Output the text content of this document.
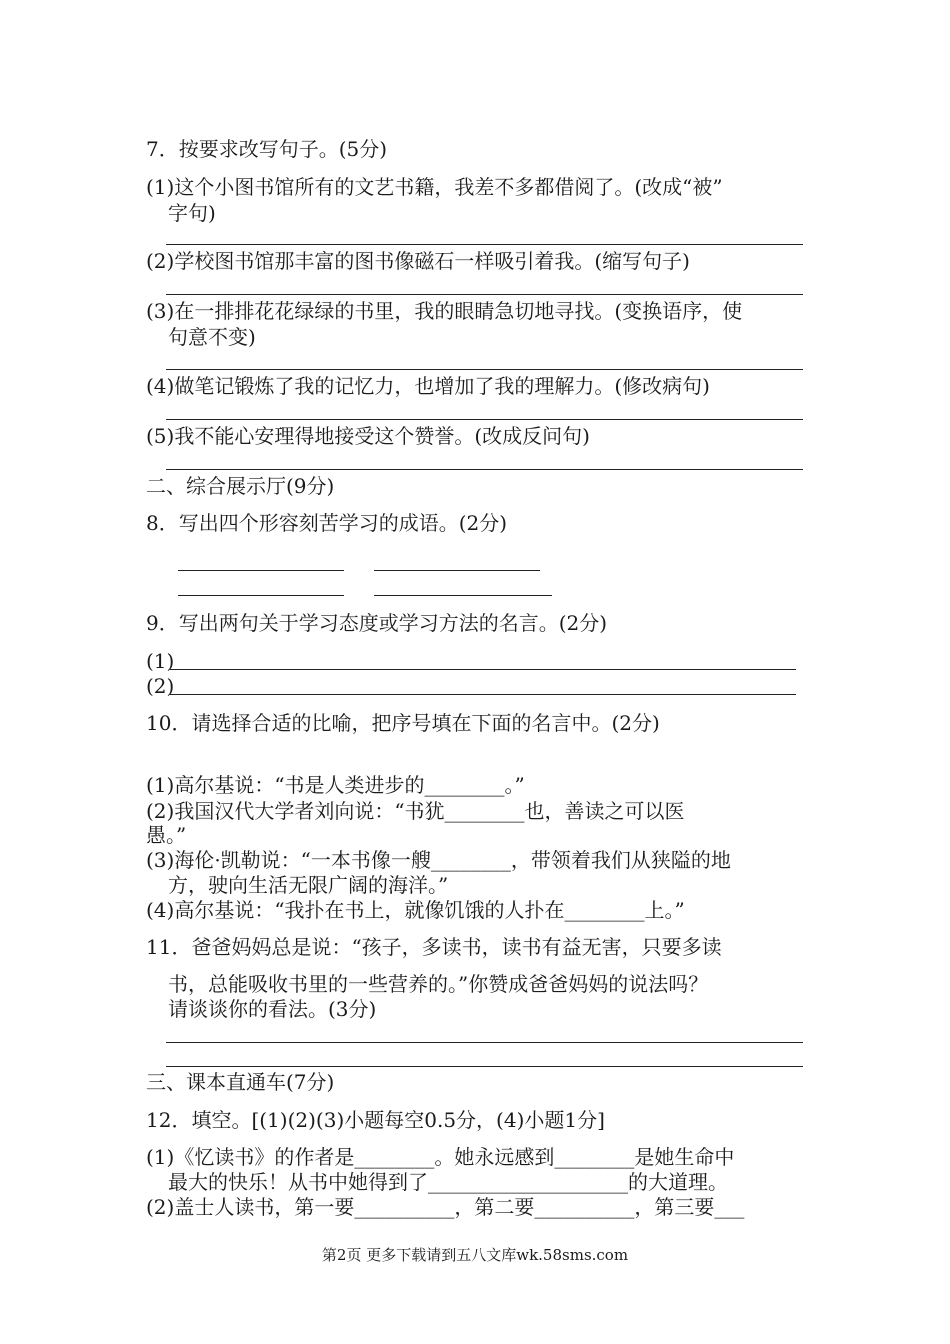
7．按要求改写句子。(5分)
(1)这个小图书馆所有的文艺书籍，我差不多都借阅了。(改成“被”
字句)
(2)学校图书馆那丰富的图书像磁石一样吸引着我。(缩写句子)
(3)在一排排花花绿绿的书里，我的眼睛急切地寻找。(变换语序，使
句意不变)
(4)做笔记锻炼了我的记忆力，也增加了我的理解力。(修改病句)
(5)我不能心安理得地接受这个赞誉。(改成反问句)
二、综合展示厅(9分)
8．写出四个形容刻苦学习的成语。(2分)
9．写出两句关于学习态度或学习方法的名言。(2分)
(1)
(2)
10．请选择合适的比喻，把序号填在下面的名言中。(2分)
(1)高尔基说：“书是人类进步的________。”
(2)我国汉代大学者刘向说：“书犹________也，善读之可以医
愚。”
(3)海伦·凯勒说：“一本书像一艘________，带领着我们从狭隘的地
方，驶向生活无限广阔的海洋。”
(4)高尔基说：“我扑在书上，就像饥饿的人扑在________上。”
11．爸爸妈妈总是说：“孩子，多读书，读书有益无害，只要多读
书，总能吸收书里的一些营养的。”你赞成爸爸妈妈的说法吗？
请谈谈你的看法。(3分)
三、课本直通车(7分)
12．填空。[(1)(2)(3)小题每空0.5分，(4)小题1分]
(1)《忆读书》的作者是________。她永远感到________是她生命中
最大的快乐！从书中她得到了____________________的大道理。
(2)盖士人读书，第一要__________，第二要__________，第三要___
第2页 更多下载请到五八文库wk.58sms.com
